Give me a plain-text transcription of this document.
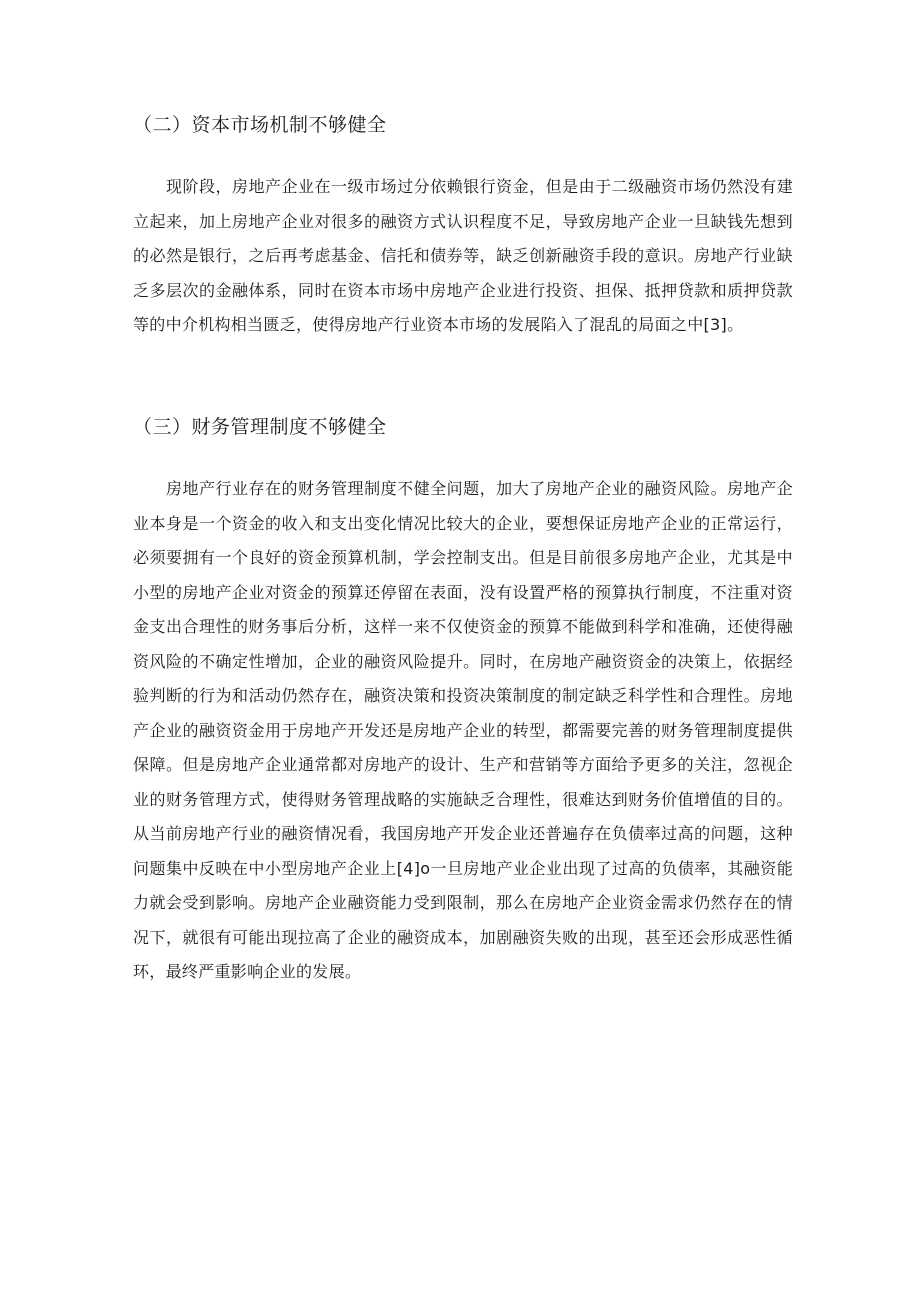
（二）资本市场机制不够健全
现阶段，房地产企业在一级市场过分依赖银行资金，但是由于二级融资市场仍然没有建立起来，加上房地产企业对很多的融资方式认识程度不足，导致房地产企业一旦缺钱先想到的必然是银行，之后再考虑基金、信托和债券等，缺乏创新融资手段的意识。房地产行业缺乏多层次的金融体系，同时在资本市场中房地产企业进行投资、担保、抵押贷款和质押贷款等的中介机构相当匮乏，使得房地产行业资本市场的发展陷入了混乱的局面之中[3]。
（三）财务管理制度不够健全
房地产行业存在的财务管理制度不健全问题，加大了房地产企业的融资风险。房地产企业本身是一个资金的收入和支出变化情况比较大的企业，要想保证房地产企业的正常运行，必须要拥有一个良好的资金预算机制，学会控制支出。但是目前很多房地产企业，尤其是中小型的房地产企业对资金的预算还停留在表面，没有设置严格的预算执行制度，不注重对资金支出合理性的财务事后分析，这样一来不仅使资金的预算不能做到科学和准确，还使得融资风险的不确定性增加，企业的融资风险提升。同时，在房地产融资资金的决策上，依据经验判断的行为和活动仍然存在，融资决策和投资决策制度的制定缺乏科学性和合理性。房地产企业的融资资金用于房地产开发还是房地产企业的转型，都需要完善的财务管理制度提供保障。但是房地产企业通常都对房地产的设计、生产和营销等方面给予更多的关注，忽视企业的财务管理方式，使得财务管理战略的实施缺乏合理性，很难达到财务价值增值的目的。从当前房地产行业的融资情况看，我国房地产开发企业还普遍存在负债率过高的问题，这种问题集中反映在中小型房地产企业上[4]o一旦房地产业企业出现了过高的负债率，其融资能力就会受到影响。房地产企业融资能力受到限制，那么在房地产企业资金需求仍然存在的情况下，就很有可能出现拉高了企业的融资成本，加剧融资失败的出现，甚至还会形成恶性循环，最终严重影响企业的发展。
